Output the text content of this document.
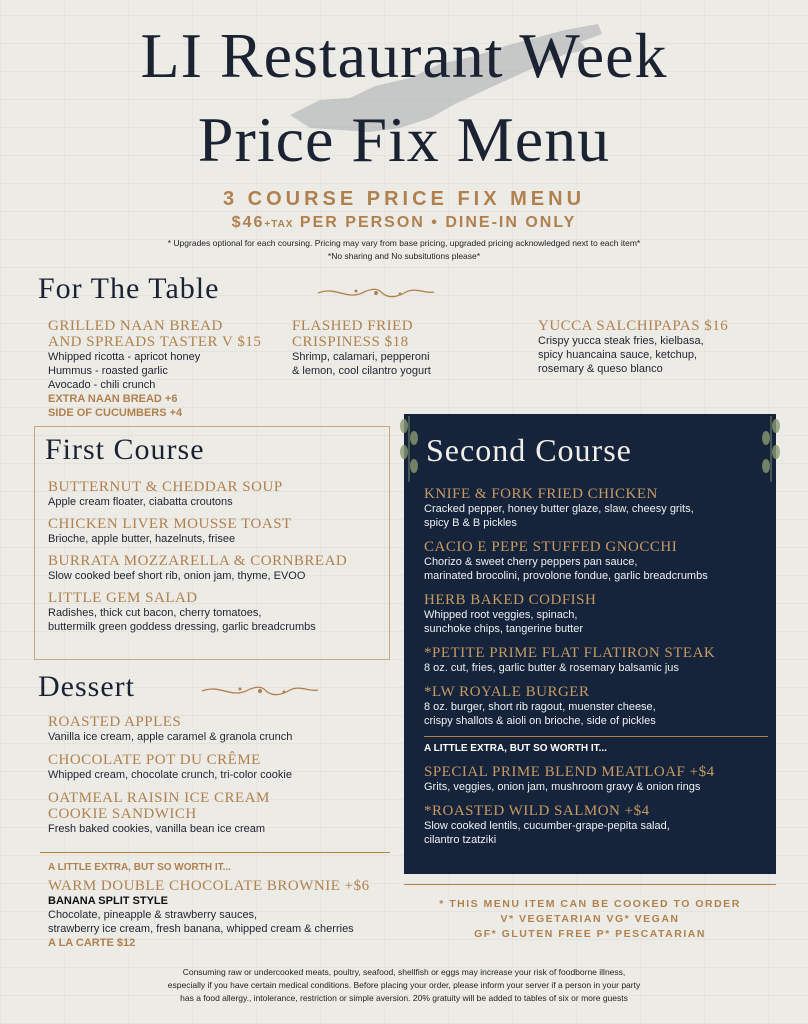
LI Restaurant Week
Price Fix Menu
3 COURSE PRICE FIX MENU
$46+TAX PER PERSON • DINE-IN ONLY
* Upgrades optional for each coursing. Pricing may vary from base pricing, upgraded pricing acknowledged next to each item*
*No sharing and No subsitutions please*
For The Table
GRILLED NAAN BREAD
AND SPREADS TASTER V $15
Whipped ricotta - apricot honey
Hummus - roasted garlic
Avocado - chili crunch
EXTRA NAAN BREAD +6
SIDE OF CUCUMBERS +4
FLASHED FRIED
CRISPINESS $18
Shrimp, calamari, pepperoni
& lemon, cool cilantro yogurt
YUCCA SALCHIPAPAS $16
Crispy yucca steak fries, kielbasa,
spicy huancaina sauce, ketchup,
rosemary & queso blanco
First Course
BUTTERNUT & CHEDDAR SOUP
Apple cream floater, ciabatta croutons
CHICKEN LIVER MOUSSE TOAST
Brioche, apple butter, hazelnuts, frisee
BURRATA MOZZARELLA & CORNBREAD
Slow cooked beef short rib, onion jam, thyme, EVOO
LITTLE GEM SALAD
Radishes, thick cut bacon, cherry tomatoes,
buttermilk green goddess dressing, garlic breadcrumbs
Second Course
KNIFE & FORK FRIED CHICKEN
Cracked pepper, honey butter glaze, slaw, cheesy grits,
spicy B & B pickles
CACIO E PEPE STUFFED GNOCCHI
Chorizo & sweet cherry peppers pan sauce,
marinated brocolini, provolone fondue, garlic breadcrumbs
HERB BAKED CODFISH
Whipped root veggies, spinach,
sunchoke chips, tangerine butter
*PETITE PRIME FLAT FLATIRON STEAK
8 oz. cut, fries, garlic butter & rosemary balsamic jus
*LW ROYALE BURGER
8 oz. burger, short rib ragout, muenster cheese,
crispy shallots & aioli on brioche, side of pickles
A LITTLE EXTRA, BUT SO WORTH IT...
SPECIAL PRIME BLEND MEATLOAF +$4
Grits, veggies, onion jam, mushroom gravy & onion rings
*ROASTED WILD SALMON +$4
Slow cooked lentils, cucumber-grape-pepita salad,
cilantro tzatziki
Dessert
ROASTED APPLES
Vanilla ice cream, apple caramel & granola crunch
CHOCOLATE POT DU CRÊME
Whipped cream, chocolate crunch, tri-color cookie
OATMEAL RAISIN ICE CREAM
COOKIE SANDWICH
Fresh baked cookies, vanilla bean ice cream
A LITTLE EXTRA, BUT SO WORTH IT...
WARM DOUBLE CHOCOLATE BROWNIE +$6
BANANA SPLIT STYLE
Chocolate, pineapple & strawberry sauces,
strawberry ice cream, fresh banana, whipped cream & cherries
A LA CARTE $12
* THIS MENU ITEM CAN BE COOKED TO ORDER
V* VEGETARIAN VG* VEGAN
GF* GLUTEN FREE P* PESCATARIAN
Consuming raw or undercooked meats, poultry, seafood, shellfish or eggs may increase your risk of foodborne illness,
especially if you have certain medical conditions. Before placing your order, please inform your server if a person in your party
has a food allergy., intolerance, restriction or simple aversion. 20% gratuity will be added to tables of six or more guests
